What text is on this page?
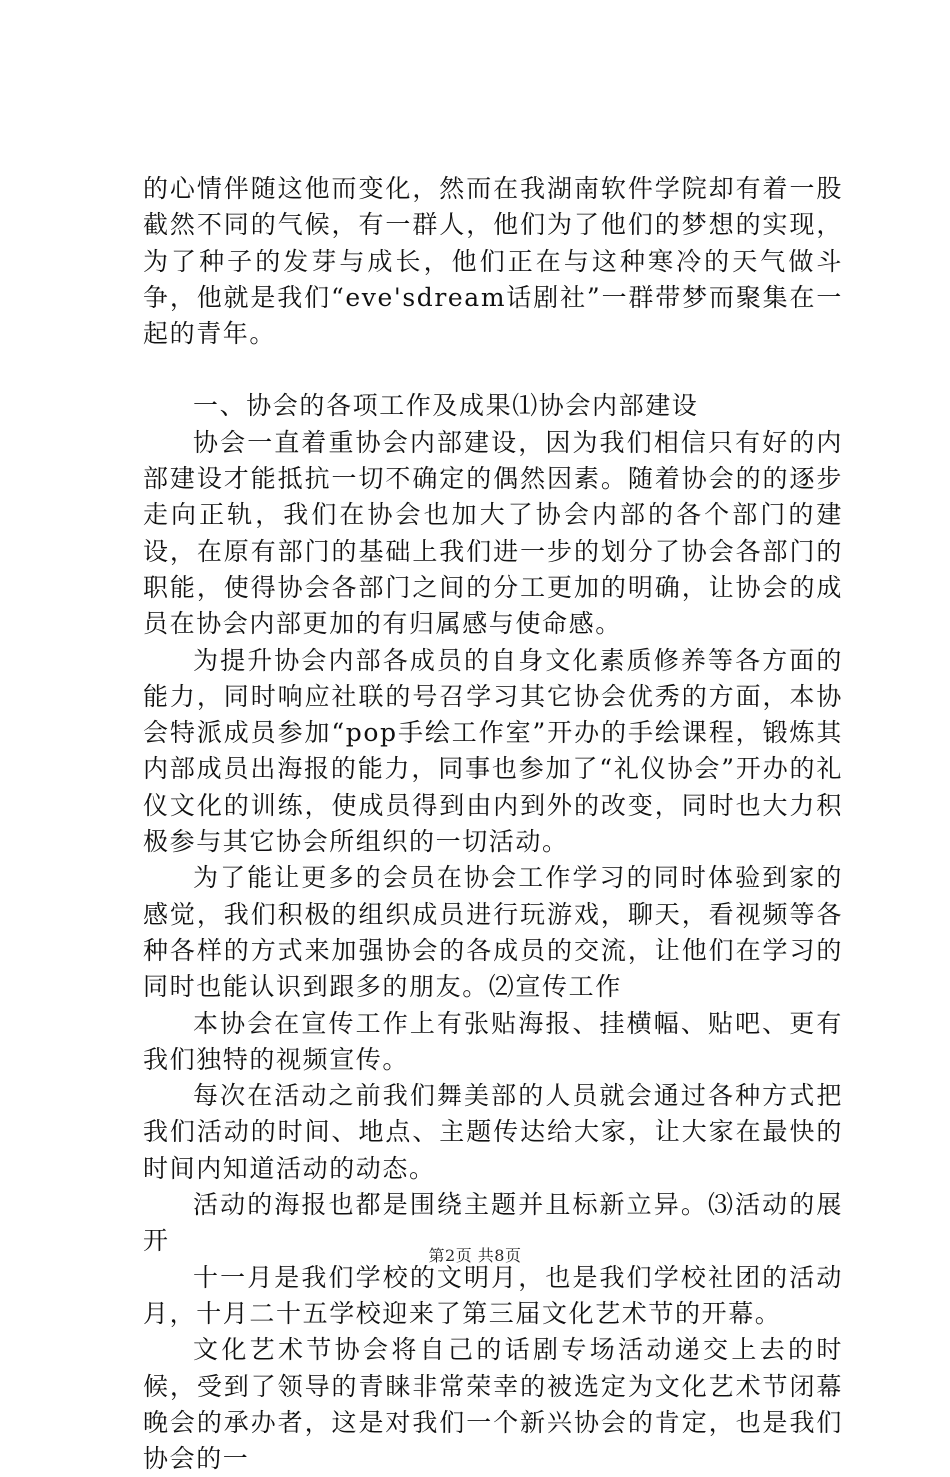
的心情伴随这他而变化，然而在我湖南软件学院却有着一股截然不同的气候，有一群人，他们为了他们的梦想的实现，为了种子的发芽与成长，他们正在与这种寒冷的天气做斗争，他就是我们“eve'sdream话剧社”一群带梦而聚集在一起的青年。

一、协会的各项工作及成果⑴协会内部建设

协会一直着重协会内部建设，因为我们相信只有好的内部建设才能抵抗一切不确定的偶然因素。随着协会的的逐步走向正轨，我们在协会也加大了协会内部的各个部门的建设，在原有部门的基础上我们进一步的划分了协会各部门的职能，使得协会各部门之间的分工更加的明确，让协会的成员在协会内部更加的有归属感与使命感。

为提升协会内部各成员的自身文化素质修养等各方面的能力，同时响应社联的号召学习其它协会优秀的方面，本协会特派成员参加“pop手绘工作室”开办的手绘课程，锻炼其内部成员出海报的能力，同事也参加了“礼仪协会”开办的礼仪文化的训练，使成员得到由内到外的改变，同时也大力积极参与其它协会所组织的一切活动。

为了能让更多的会员在协会工作学习的同时体验到家的感觉，我们积极的组织成员进行玩游戏，聊天，看视频等各种各样的方式来加强协会的各成员的交流，让他们在学习的同时也能认识到跟多的朋友。⑵宣传工作

本协会在宣传工作上有张贴海报、挂横幅、贴吧、更有我们独特的视频宣传。

每次在活动之前我们舞美部的人员就会通过各种方式把我们活动的时间、地点、主题传达给大家，让大家在最快的时间内知道活动的动态。

活动的海报也都是围绕主题并且标新立异。⑶活动的展开

十一月是我们学校的文明月，也是我们学校社团的活动月，十月二十五学校迎来了第三届文化艺术节的开幕。

文化艺术节协会将自己的话剧专场活动递交上去的时候，受到了领导的青睐非常荣幸的被选定为文化艺术节闭幕晚会的承办者，这是对我们一个新兴协会的肯定，也是我们协会的一

第2页 共8页
